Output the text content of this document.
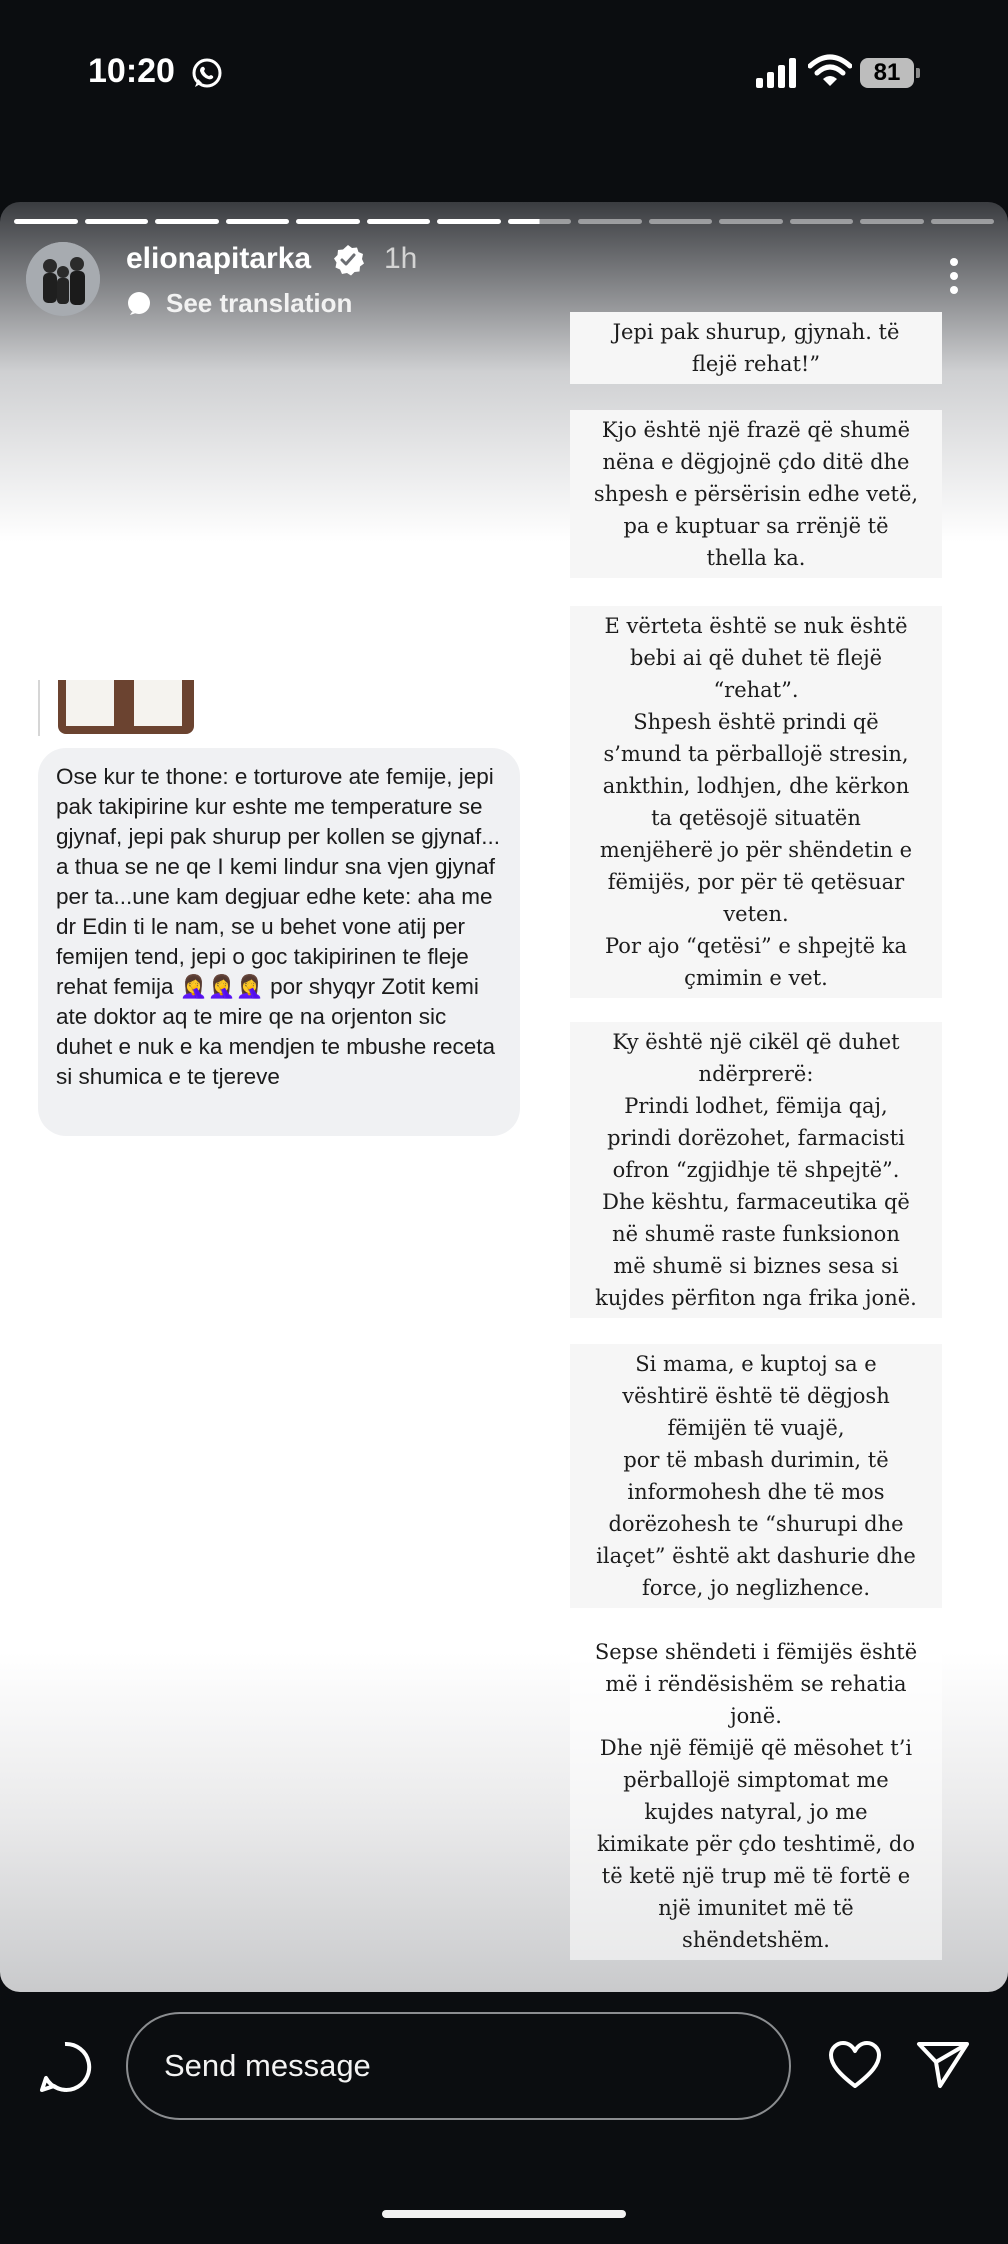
10:20	81
elionapitarka 1h
See translation
Ose kur te thone: e torturove ate femije, jepi pak takipirine kur eshte me temperature se gjynaf, jepi pak shurup per kollen se gjynaf... a thua se ne qe I kemi lindur sna vjen gjynaf per ta...une kam degjuar edhe kete: aha me dr Edin ti le nam, se u behet vone atij per femijen tend, jepi o goc takipirinen te fleje rehat femija 🤦‍♀️🤦‍♀️🤦‍♀️ por shyqyr Zotit kemi ate doktor aq te mire qe na orjenton sic duhet e nuk e ka mendjen te mbushe receta si shumica e te tjereve
Jepi pak shurup, gjynah. të
flejë rehat!”
Kjo është një frazë që shumë
nëna e dëgjojnë çdo ditë dhe
shpesh e përsërisin edhe vetë,
pa e kuptuar sa rrënjë të
thella ka.
E vërteta është se nuk është
bebi ai që duhet të flejë
“rehat”.
Shpesh është prindi që
s’mund ta përballojë stresin,
ankthin, lodhjen, dhe kërkon
ta qetësojë situatën
menjëherë jo për shëndetin e
fëmijës, por për të qetësuar
veten.
Por ajo “qetësi” e shpejtë ka
çmimin e vet.
Ky është një cikël që duhet
ndërprerë:
Prindi lodhet, fëmija qaj,
prindi dorëzohet, farmacisti
ofron “zgjidhje të shpejtë”.
Dhe kështu, farmaceutika që
në shumë raste funksionon
më shumë si biznes sesa si
kujdes përfiton nga frika jonë.
Si mama, e kuptoj sa e
vështirë është të dëgjosh
fëmijën të vuajë,
por të mbash durimin, të
informohesh dhe të mos
dorëzohesh te “shurupi dhe
ilaçet” është akt dashurie dhe
force, jo neglizhence.
Sepse shëndeti i fëmijës është
më i rëndësishëm se rehatia
jonë.
Dhe një fëmijë që mësohet t’i
përballojë simptomat me
kujdes natyral, jo me
kimikate për çdo teshtimë, do
të ketë një trup më të fortë e
një imunitet më të
shëndetshëm.
Send message
